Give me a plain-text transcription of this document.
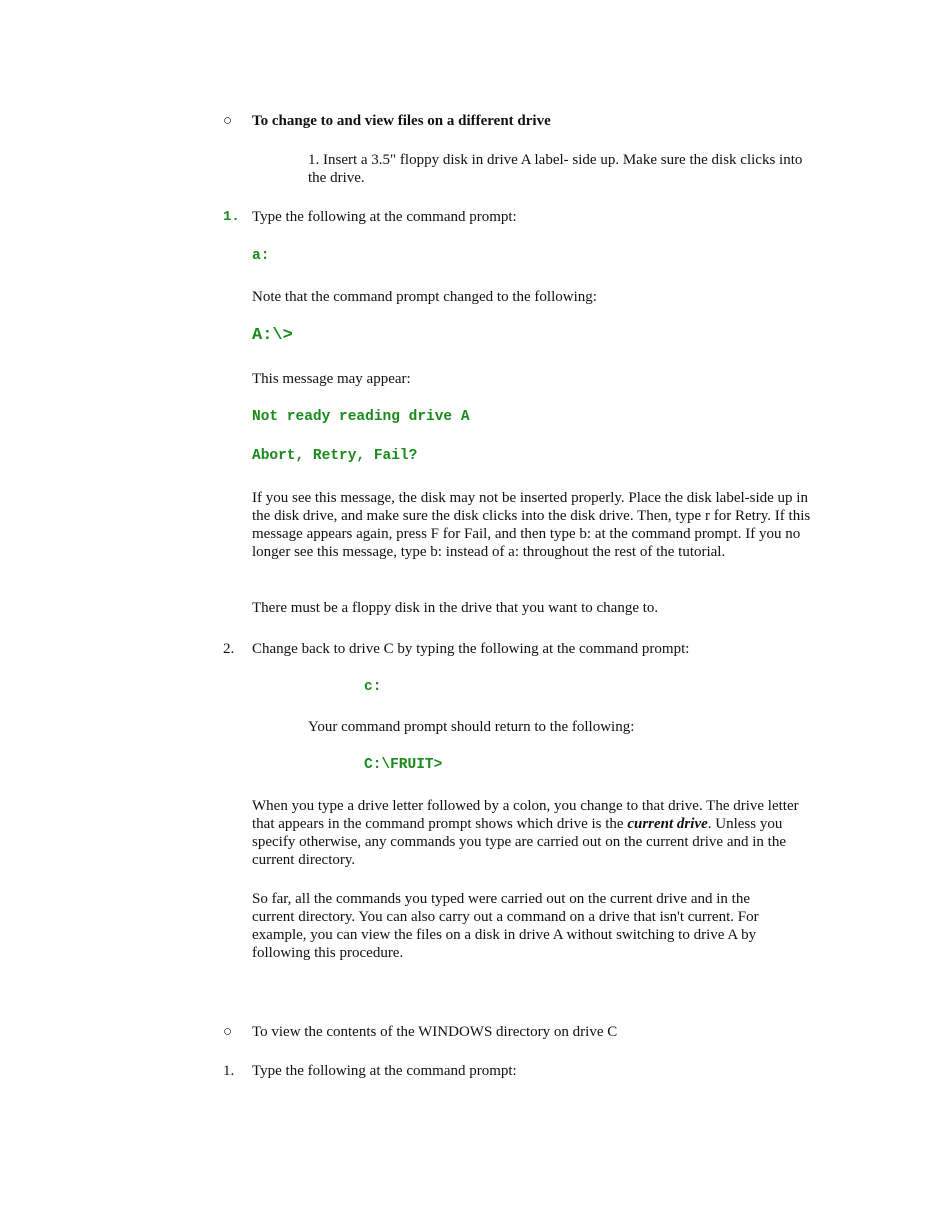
○ To change to and view files on a different drive
1. Insert a 3.5" floppy disk in drive A label- side up. Make sure the disk clicks into the drive.
1. Type the following at the command prompt:
a:
Note that the command prompt changed to the following:
A:\>
This message may appear:
Not ready reading drive A
Abort, Retry, Fail?
If you see this message, the disk may not be inserted properly. Place the disk label-side up in the disk drive, and make sure the disk clicks into the disk drive. Then, type r for Retry. If this message appears again, press F for Fail, and then type b: at the command prompt. If you no longer see this message, type b: instead of a: throughout the rest of the tutorial.
There must be a floppy disk in the drive that you want to change to.
2. Change back to drive C by typing the following at the command prompt:
c:
Your command prompt should return to the following:
C:\FRUIT>
When you type a drive letter followed by a colon, you change to that drive. The drive letter that appears in the command prompt shows which drive is the current drive. Unless you specify otherwise, any commands you type are carried out on the current drive and in the current directory.
So far, all the commands you typed were carried out on the current drive and in the current directory. You can also carry out a command on a drive that isn't current. For example, you can view the files on a disk in drive A without switching to drive A by following this procedure.
○ To view the contents of the WINDOWS directory on drive C
1. Type the following at the command prompt:
